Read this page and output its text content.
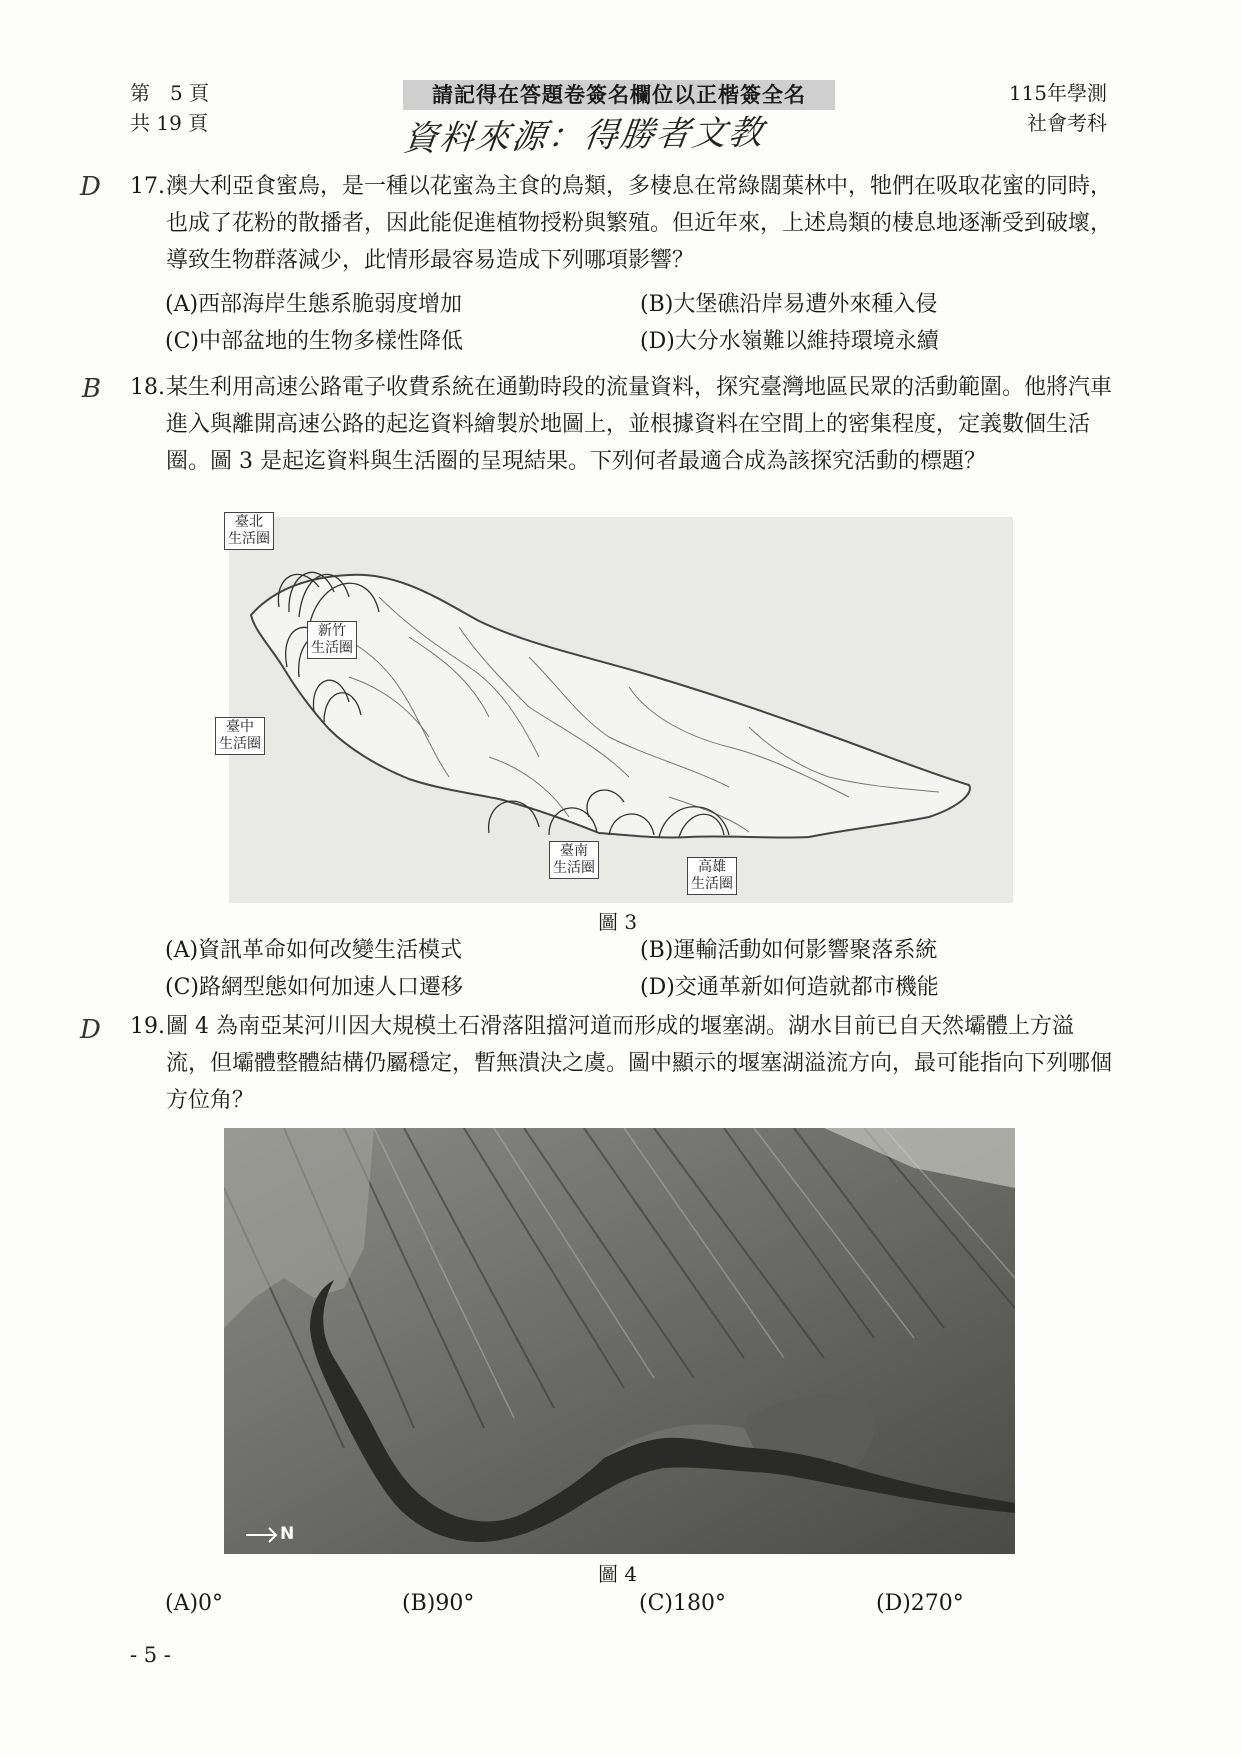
第　5 頁
共 19 頁
請記得在答題卷簽名欄位以正楷簽全名
資料來源：得勝者文教
115年學測
社會考科
D 17. 澳大利亞食蜜鳥，是一種以花蜜為主食的鳥類，多棲息在常綠闊葉林中，牠們在吸取花蜜的同時，也成了花粉的散播者，因此能促進植物授粉與繁殖。但近年來，上述鳥類的棲息地逐漸受到破壞，導致生物群落減少，此情形最容易造成下列哪項影響？
(A)西部海岸生態系脆弱度增加	(B)大堡礁沿岸易遭外來種入侵
(C)中部盆地的生物多樣性降低	(D)大分水嶺難以維持環境永續
B 18. 某生利用高速公路電子收費系統在通勤時段的流量資料，探究臺灣地區民眾的活動範圍。他將汽車進入與離開高速公路的起迄資料繪製於地圖上，並根據資料在空間上的密集程度，定義數個生活圈。圖 3 是起迄資料與生活圈的呈現結果。下列何者最適合成為該探究活動的標題？
臺北
生活圈
新竹
生活圈
臺中
生活圈
臺南
生活圈	高雄
生活圈
圖 3
(A)資訊革命如何改變生活模式	(B)運輸活動如何影響聚落系統
(C)路網型態如何加速人口遷移	(D)交通革新如何造就都市機能
D 19. 圖 4 為南亞某河川因大規模土石滑落阻擋河道而形成的堰塞湖。湖水目前已自天然壩體上方溢流，但壩體整體結構仍屬穩定，暫無潰決之虞。圖中顯示的堰塞湖溢流方向，最可能指向下列哪個方位角？
N
圖 4
(A)0°	(B)90°	(C)180°	(D)270°
- 5 -
